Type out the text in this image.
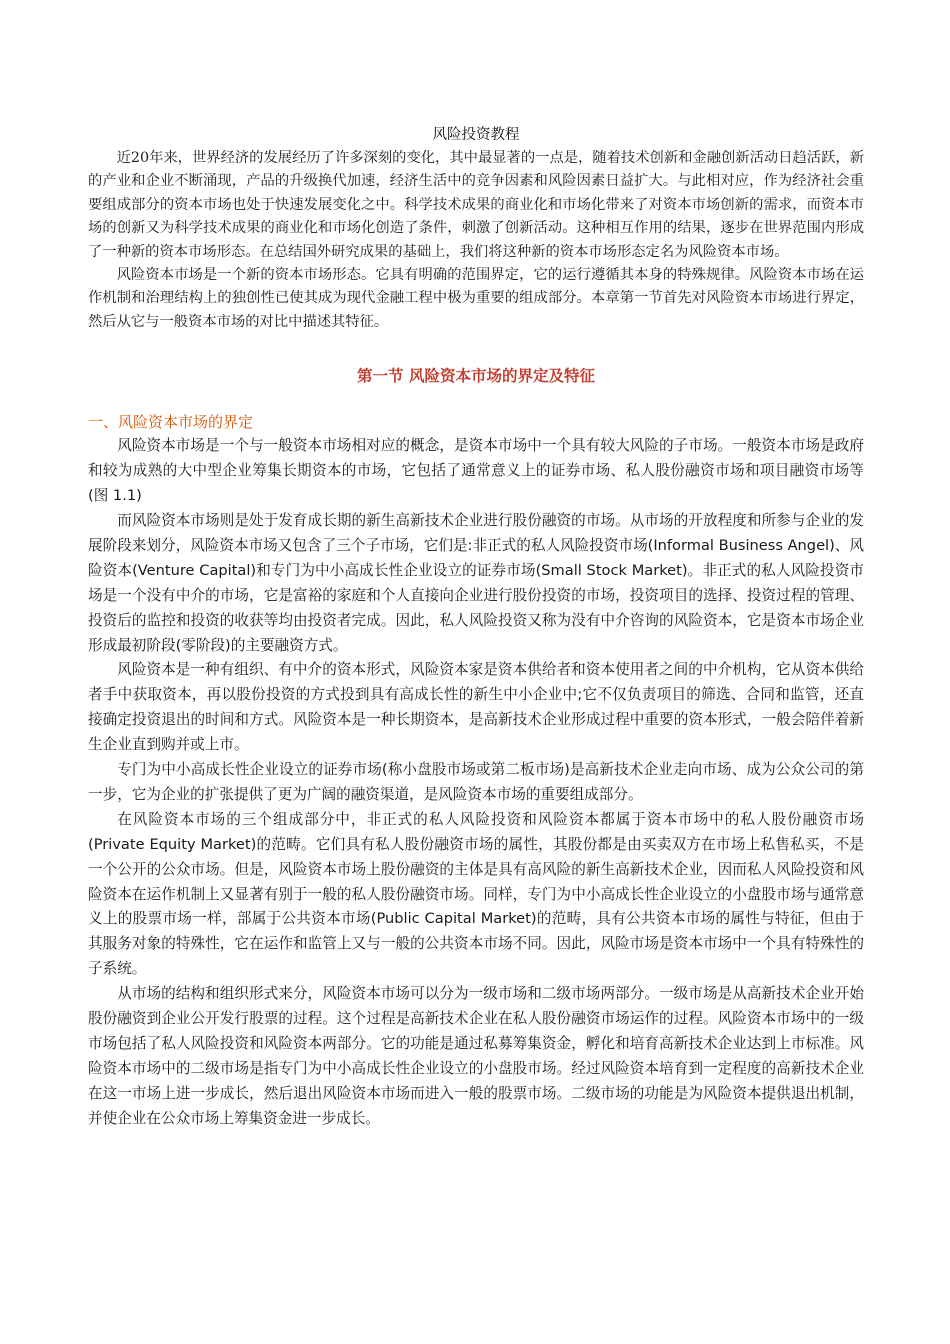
风险投资教程

近20年来，世界经济的发展经历了许多深刻的变化，其中最显著的一点是，随着技术创新和金融创新活动日趋活跃，新的产业和企业不断涌现，产品的升级换代加速，经济生活中的竞争因素和风险因素日益扩大。与此相对应，作为经济社会重要组成部分的资本市场也处于快速发展变化之中。科学技术成果的商业化和市场化带来了对资本市场创新的需求，而资本市场的创新又为科学技术成果的商业化和市场化创造了条件，刺激了创新活动。这种相互作用的结果，逐步在世界范围内形成了一种新的资本市场形态。在总结国外研究成果的基础上，我们将这种新的资本市场形态定名为风险资本市场。

风险资本市场是一个新的资本市场形态。它具有明确的范围界定，它的运行遵循其本身的特殊规律。风险资本市场在运作机制和治理结构上的独创性已使其成为现代金融工程中极为重要的组成部分。本章第一节首先对风险资本市场进行界定，然后从它与一般资本市场的对比中描述其特征。

第一节 风险资本市场的界定及特征
一、风险资本市场的界定

风险资本市场是一个与一般资本市场相对应的概念，是资本市场中一个具有较大风险的子市场。一般资本市场是政府和较为成熟的大中型企业筹集长期资本的市场，它包括了通常意义上的证券市场、私人股份融资市场和项目融资市场等(图 1.1)

而风险资本市场则是处于发育成长期的新生高新技术企业进行股份融资的市场。从市场的开放程度和所参与企业的发展阶段来划分，风险资本市场又包含了三个子市场，它们是:非正式的私人风险投资市场(Informal Business Angel)、风险资本(Venture Capital)和专门为中小高成长性企业设立的证券市场(Small Stock Market)。非正式的私人风险投资市场是一个没有中介的市场，它是富裕的家庭和个人直接向企业进行股份投资的市场，投资项目的选择、投资过程的管理、投资后的监控和投资的收获等均由投资者完成。因此，私人风险投资又称为没有中介咨询的风险资本，它是资本市场企业形成最初阶段(零阶段)的主要融资方式。

风险资本是一种有组织、有中介的资本形式，风险资本家是资本供给者和资本使用者之间的中介机构，它从资本供给者手中获取资本，再以股份投资的方式投到具有高成长性的新生中小企业中;它不仅负责项目的筛选、合同和监管，还直接确定投资退出的时间和方式。风险资本是一种长期资本，是高新技术企业形成过程中重要的资本形式，一般会陪伴着新生企业直到购并或上市。

专门为中小高成长性企业设立的证券市场(称小盘股市场或第二板市场)是高新技术企业走向市场、成为公众公司的第一步，它为企业的扩张提供了更为广阔的融资渠道，是风险资本市场的重要组成部分。

在风险资本市场的三个组成部分中，非正式的私人风险投资和风险资本都属于资本市场中的私人股份融资市场(Private Equity Market)的范畴。它们具有私人股份融资市场的属性，其股份都是由买卖双方在市场上私售私买，不是一个公开的公众市场。但是，风险资本市场上股份融资的主体是具有高风险的新生高新技术企业，因而私人风险投资和风险资本在运作机制上又显著有别于一般的私人股份融资市场。同样，专门为中小高成长性企业设立的小盘股市场与通常意义上的股票市场一样，部属于公共资本市场(Public Capital Market)的范畴，具有公共资本市场的属性与特征，但由于其服务对象的特殊性，它在运作和监管上又与一般的公共资本市场不同。因此，风险市场是资本市场中一个具有特殊性的子系统。

从市场的结构和组织形式来分，风险资本市场可以分为一级市场和二级市场两部分。一级市场是从高新技术企业开始股份融资到企业公开发行股票的过程。这个过程是高新技术企业在私人股份融资市场运作的过程。风险资本市场中的一级市场包括了私人风险投资和风险资本两部分。它的功能是通过私募筹集资金，孵化和培育高新技术企业达到上市标准。风险资本市场中的二级市场是指专门为中小高成长性企业设立的小盘股市场。经过风险资本培育到一定程度的高新技术企业在这一市场上进一步成长，然后退出风险资本市场而进入一般的股票市场。二级市场的功能是为风险资本提供退出机制，并使企业在公众市场上筹集资金进一步成长。
